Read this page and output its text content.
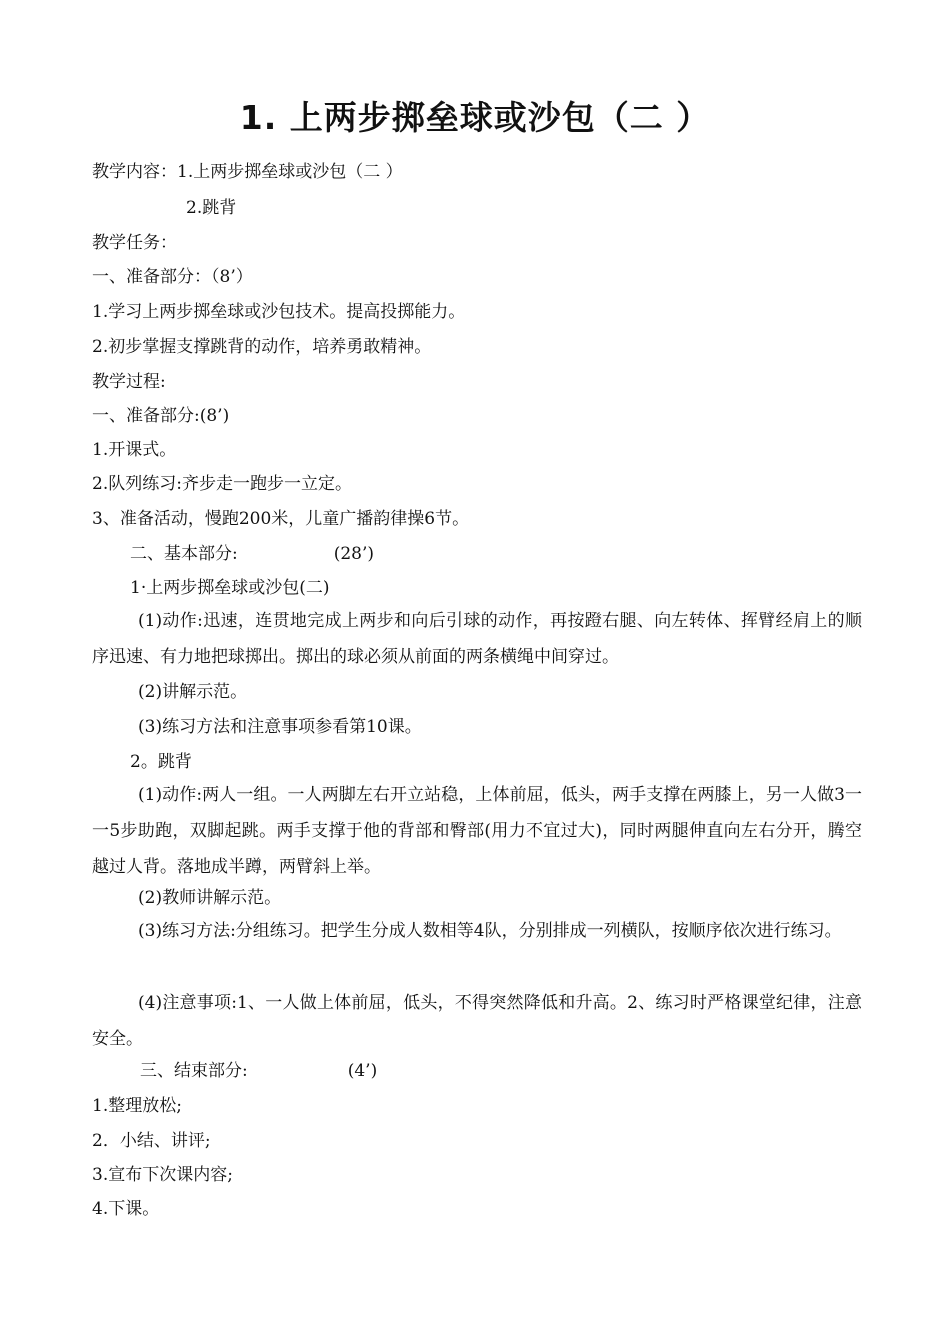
1. 上两步掷垒球或沙包（二 ）
教学内容：1.上两步掷垒球或沙包（二 ）
2.跳背
教学任务：
一、准备部分：（8’）
1.学习上两步掷垒球或沙包技术。提高投掷能力。
2.初步掌握支撑跳背的动作，培养勇敢精神。
教学过程:
一、准备部分:(8’)
1.开课式。
2.队列练习:齐步走一跑步一立定。
3、准备活动，慢跑200米，儿童广播韵律操6节。
二、基本部分:	(28’)
1·上两步掷垒球或沙包(二)
(1)动作:迅速，连贯地完成上两步和向后引球的动作，再按蹬右腿、向左转体、挥臂经肩上的顺序迅速、有力地把球掷出。掷出的球必须从前面的两条横绳中间穿过。
(2)讲解示范。
(3)练习方法和注意事项参看第10课。
2。跳背
(1)动作:两人一组。一人两脚左右开立站稳，上体前屈，低头，两手支撑在两膝上，另一人做3一一5步助跑，双脚起跳。两手支撑于他的背部和臀部(用力不宜过大)，同时两腿伸直向左右分开，腾空越过人背。落地成半蹲，两臂斜上举。
(2)教师讲解示范。
(3)练习方法:分组练习。把学生分成人数相等4队，分别排成一列横队，按顺序依次进行练习。
(4)注意事项:1、一人做上体前屈，低头，不得突然降低和升高。2、练习时严格课堂纪律，注意安全。
三、结束部分:	(4’)
1.整理放松;
2．小结、讲评;
3.宣布下次课内容;
4.下课。
